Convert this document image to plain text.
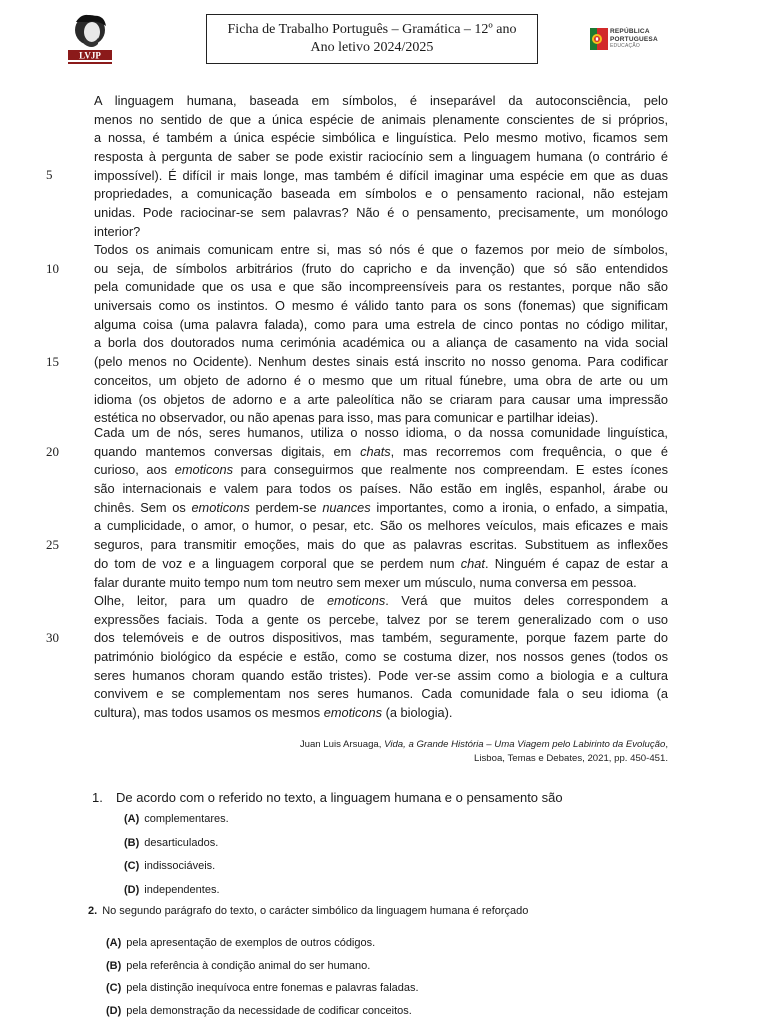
LVJP
Ficha de Trabalho Português – Gramática – 12º ano
Ano letivo 2024/2025
REPÚBLICA
PORTUGUESA
EDUCAÇÃO
5
10
15
20
25
30
A linguagem humana, baseada em símbolos, é inseparável da autoconsciência, pelo
menos no sentido de que a única espécie de animais plenamente conscientes de si próprios,
a nossa, é também a única espécie simbólica e linguística. Pelo mesmo motivo, ficamos sem
resposta à pergunta de saber se pode existir raciocínio sem a linguagem humana (o contrário é
impossível). É difícil ir mais longe, mas também é difícil imaginar uma espécie em que as duas
propriedades, a comunicação baseada em símbolos e o pensamento racional, não estejam
unidas. Pode raciocinar-se sem palavras? Não é o pensamento, precisamente, um monólogo
interior?
Todos os animais comunicam entre si, mas só nós é que o fazemos por meio de símbolos,
ou seja, de símbolos arbitrários (fruto do capricho e da invenção) que só são entendidos
pela comunidade que os usa e que são incompreensíveis para os restantes, porque não são
universais como os instintos. O mesmo é válido tanto para os sons (fonemas) que significam
alguma coisa (uma palavra falada), como para uma estrela de cinco pontas no código militar,
a borla dos doutorados numa cerimónia académica ou a aliança de casamento na vida social
(pelo menos no Ocidente). Nenhum destes sinais está inscrito no nosso genoma. Para codificar
conceitos, um objeto de adorno é o mesmo que um ritual fúnebre, uma obra de arte ou um
idioma (os objetos de adorno e a arte paleolítica não se criaram para causar uma impressão
estética no observador, ou não apenas para isso, mas para comunicar e partilhar ideias).
Cada um de nós, seres humanos, utiliza o nosso idioma, o da nossa comunidade linguística,
quando mantemos conversas digitais, em chats, mas recorremos com frequência, o que é
curioso, aos emoticons para conseguirmos que realmente nos compreendam. E estes ícones
são internacionais e valem para todos os países. Não estão em inglês, espanhol, árabe ou
chinês. Sem os emoticons perdem-se nuances importantes, como a ironia, o enfado, a simpatia,
a cumplicidade, o amor, o humor, o pesar, etc. São os melhores veículos, mais eficazes e mais
seguros, para transmitir emoções, mais do que as palavras escritas. Substituem as inflexões
do tom de voz e a linguagem corporal que se perdem num chat. Ninguém é capaz de estar a
falar durante muito tempo num tom neutro sem mexer um músculo, numa conversa em pessoa.
Olhe, leitor, para um quadro de emoticons. Verá que muitos deles correspondem a
expressões faciais. Toda a gente os percebe, talvez por se terem generalizado com o uso
dos telemóveis e de outros dispositivos, mas também, seguramente, porque fazem parte do
património biológico da espécie e estão, como se costuma dizer, nos nossos genes (todos os
seres humanos choram quando estão tristes). Pode ver-se assim como a biologia e a cultura
convivem e se complementam nos seres humanos. Cada comunidade fala o seu idioma (a
cultura), mas todos usamos os mesmos emoticons (a biologia).
Juan Luis Arsuaga, Vida, a Grande História – Uma Viagem pelo Labirinto da Evolução,
Lisboa, Temas e Debates, 2021, pp. 450-451.
1. De acordo com o referido no texto, a linguagem humana e o pensamento são
(A) complementares.
(B) desarticulados.
(C) indissociáveis.
(D) independentes.
2. No segundo parágrafo do texto, o carácter simbólico da linguagem humana é reforçado
(A) pela apresentação de exemplos de outros códigos.
(B) pela referência à condição animal do ser humano.
(C) pela distinção inequívoca entre fonemas e palavras faladas.
(D) pela demonstração da necessidade de codificar conceitos.
